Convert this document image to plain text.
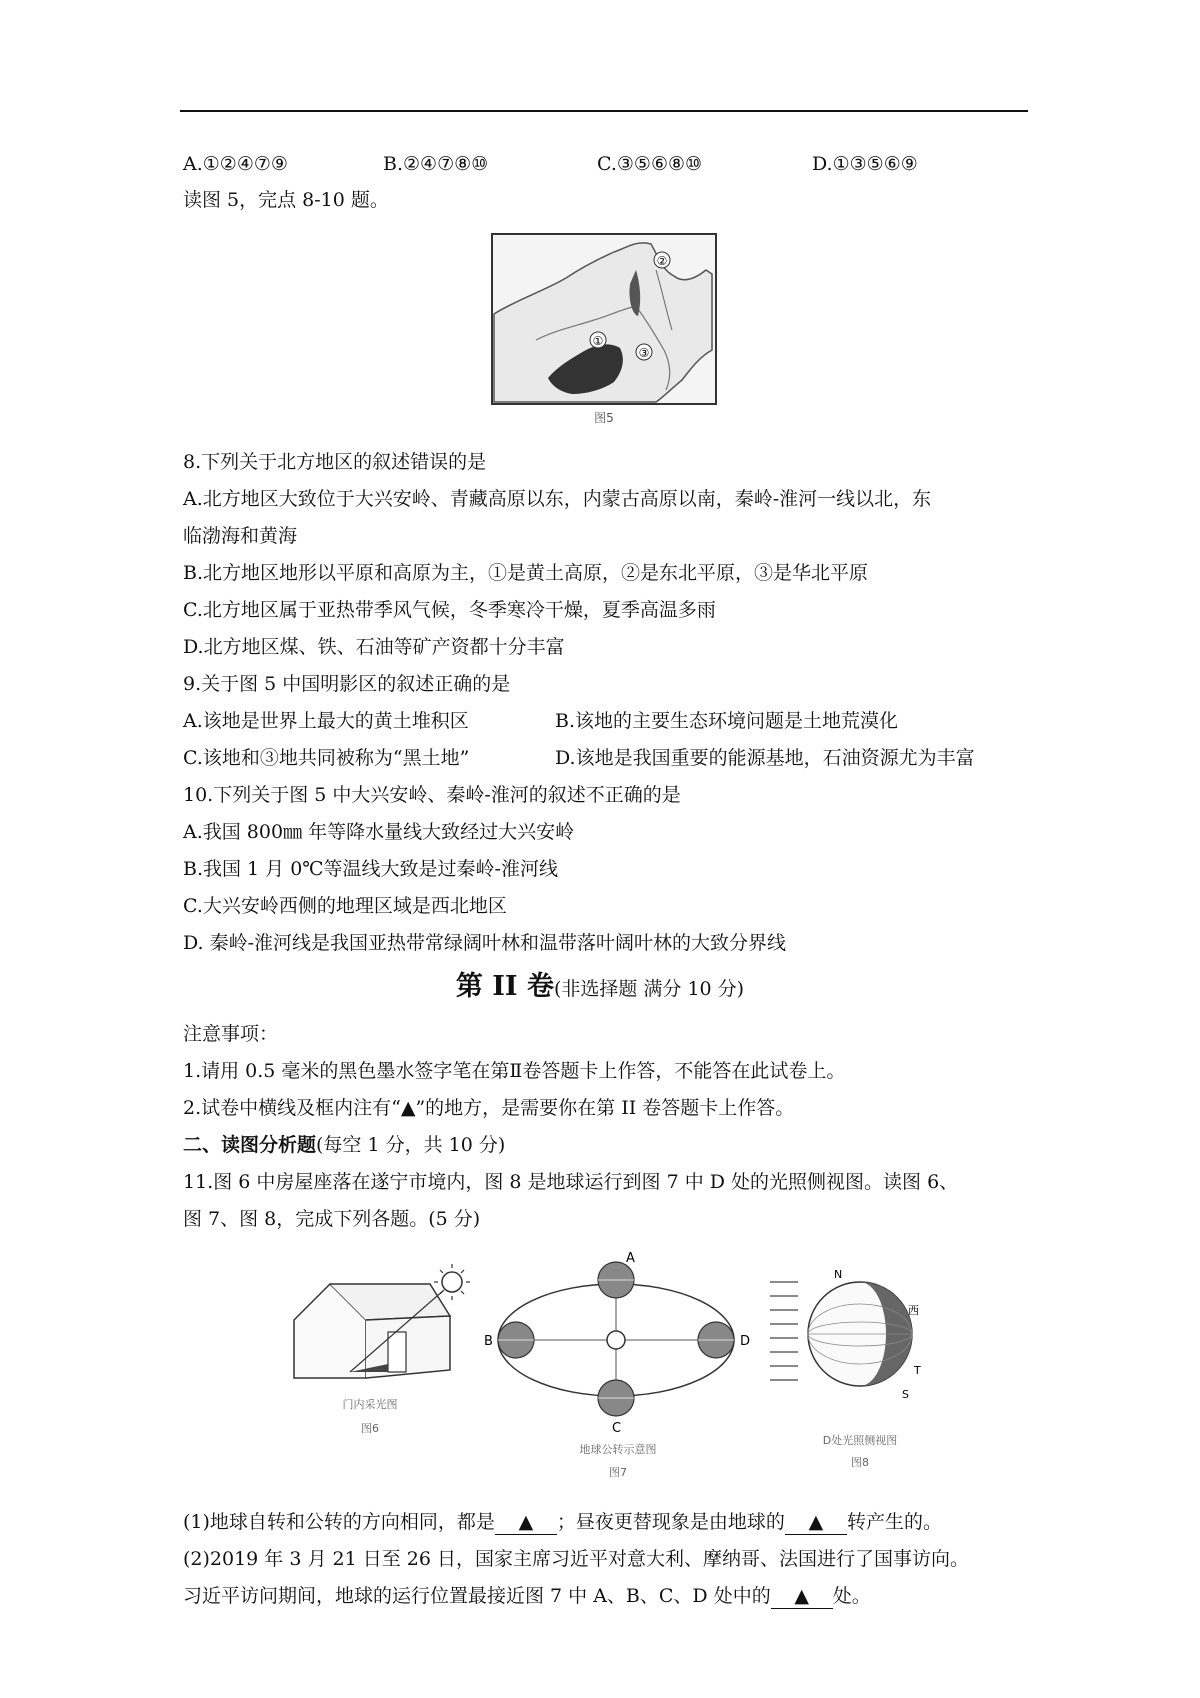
A.①②④⑦⑨	B.②④⑦⑧⑩	C.③⑤⑥⑧⑩	D.①③⑤⑥⑨
读图 5，完点 8-10 题。
②
①
③
图5
8.下列关于北方地区的叙述错误的是
A.北方地区大致位于大兴安岭、青藏高原以东，内蒙古高原以南，秦岭-淮河一线以北，东
临渤海和黄海
B.北方地区地形以平原和高原为主，①是黄土高原，②是东北平原，③是华北平原
C.北方地区属于亚热带季风气候，冬季寒冷干燥，夏季高温多雨
D.北方地区煤、铁、石油等矿产资都十分丰富
9.关于图 5 中国明影区的叙述正确的是
A.该地是世界上最大的黄土堆积区	B.该地的主要生态环境问题是土地荒漠化
C.该地和③地共同被称为“黑土地”	D.该地是我国重要的能源基地，石油资源尤为丰富
10.下列关于图 5 中大兴安岭、秦岭-淮河的叙述不正确的是
A.我国 800㎜ 年等降水量线大致经过大兴安岭
B.我国 1 月 0℃等温线大致是过秦岭-淮河线
C.大兴安岭西侧的地理区域是西北地区
D. 秦岭-淮河线是我国亚热带常绿阔叶林和温带落叶阔叶林的大致分界线
第 II 卷(非选择题 满分 10 分)
注意事项：
1.请用 0.5 毫米的黑色墨水签字笔在第Ⅱ卷答题卡上作答，不能答在此试卷上。
2.试卷中横线及框内注有“▲”的地方，是需要你在第 II 卷答题卡上作答。
二、读图分析题(每空 1 分，共 10 分)
11.图 6 中房屋座落在遂宁市境内，图 8 是地球运行到图 7 中 D 处的光照侧视图。读图 6、
图 7、图 8，完成下列各题。(5 分)
门内采光图
图6
A
B
C
D
地球公转示意图
图7
N
西
S
T
D处光照侧视图
图8
(1)地球自转和公转的方向相同，都是 ▲ ；昼夜更替现象是由地球的 ▲ 转产生的。
(2)2019 年 3 月 21 日至 26 日，国家主席习近平对意大利、摩纳哥、法国进行了国事访向。
习近平访问期间，地球的运行位置最接近图 7 中 A、B、C、D 处中的 ▲ 处。
